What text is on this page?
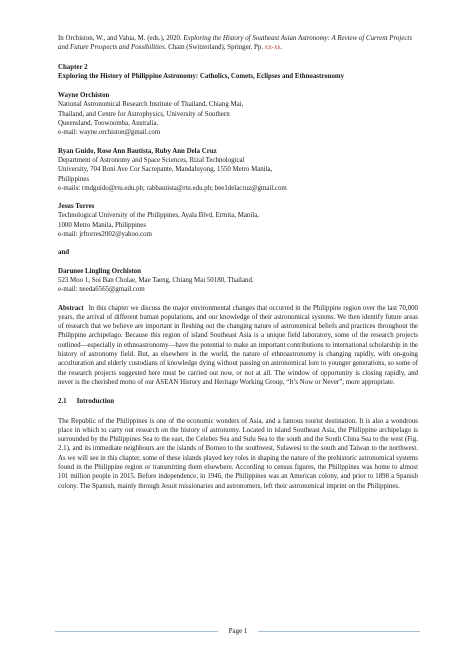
In Orchiston, W., and Vahia, M. (eds.), 2020. Exploring the History of Southeast Asian Astronomy: A Review of Current Projects and Future Prospects and Possibilities. Cham (Switzerland), Springer. Pp. xx-xx.

Chapter 2

Exploring the History of Philippine Astronomy: Catholics, Comets, Eclipses and Ethnoastronomy

Wayne Orchiston

National Astronomical Research Institute of Thailand, Chiang Mai,
Thailand, and Centre for Astrophysics, University of Southern
Queensland, Toowoomba, Australia.
e-mail: wayne.orchiston@gmail.com

Ryan Guido, Rose Ann Bautista, Ruby Ann Dela Cruz

Department of Astronomy and Space Sciences, Rizal Technological
University, 704 Boni Ave Cor Sacrepante, Mandaluyong, 1550 Metro Manila,
Philippines
e-mails: rmdguido@rtu.edu.ph; rabbautista@rtu.edu.ph; bee1delacruz@gmail.com

Jesus Torres

Technological University of the Philippines, Ayala Blvd, Ermita, Manila,
1000 Metro Manila, Philippines
e-mail: jrftorres2002@yahoo.com

and

Darunee Lingling Orchiston

523 Moo 1, Soi Ban Cholae, Mae Taeng, Chiang Mai 50180, Thailand.
e-mail: needa6565@gmail.com

Abstract In this chapter we discuss the major environmental changes that occurred in the Philippine region over the last 70,000 years, the arrival of different human populations, and our knowledge of their astronomical systems. We then identify future areas of research that we believe are important in fleshing out the changing nature of astronomical beliefs and practices throughout the Philippine archipelago. Because this region of island Southeast Asia is a unique field laboratory, some of the research projects outlined—especially in ethnoastronomy—have the potential to make an important contributions to international scholarship in the history of astronomy field. But, as elsewhere in the world, the nature of ethnoastronomy is changing rapidly, with on-going acculturation and elderly custodians of knowledge dying without passing on astronomical lore to younger generations, so some of the research projects suggested here must be carried out now, or not at all. The window of opportunity is closing rapidly, and never is the cherished motto of our ASEAN History and Heritage Working Group, “It’s Now or Never”, more appropriate.

2.1 Introduction

The Republic of the Philippines is one of the economic wonders of Asia, and a famous tourist destination. It is also a wondrous place in which to carry out research on the history of astronomy. Located in island Southeast Asia, the Philippine archipelago is surrounded by the Philippines Sea to the east, the Celebes Sea and Sulu Sea to the south and the South China Sea to the west (Fig. 2.1), and its immediate neighbours are the islands of Borneo to the southwest, Sulawesi to the south and Taiwan to the northwest. As we will see in this chapter, some of these islands played key roles in shaping the nature of the prehistoric astronomical systems found in the Philippine region or transmitting them elsewhere. According to census figures, the Philippines was home to almost 101 million people in 2015. Before independence, in 1946, the Philippines was an American colony, and prior to 1898 a Spanish colony. The Spanish, mainly through Jesuit missionaries and astronomers, left their astronomical imprint on the Philippines.

Page 1
